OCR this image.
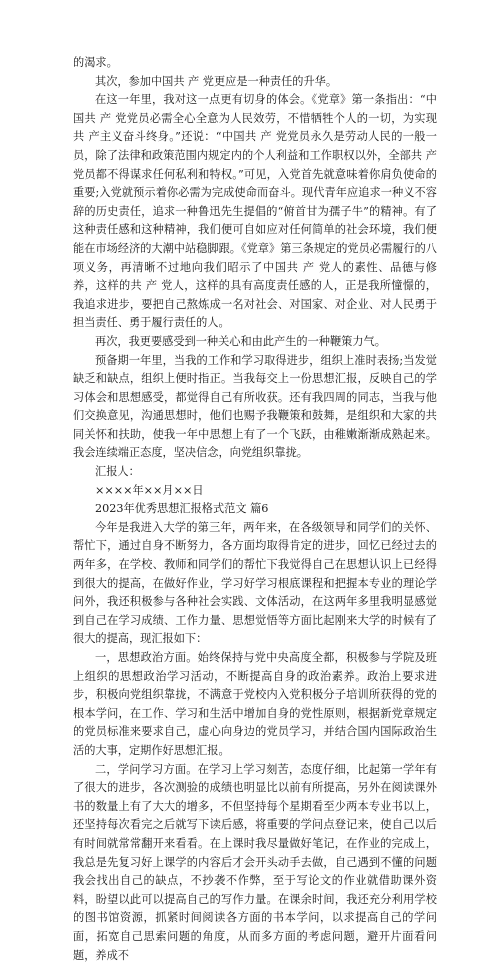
的渴求。

其次，参加中国共 产 党更应是一种责任的升华。

在这一年里，我对这一点更有切身的体会。《党章》第一条指出：“中国共 产 党党员必需全心全意为人民效劳，不惜牺牲个人的一切，为实现共 产主义奋斗终身。”还说：“中国共 产 党党员永久是劳动人民的一般一员，除了法律和政策范围内规定内的个人利益和工作职权以外，全部共 产 党员都不得谋求任何私利和特权。”可见，入党首先就意味着你肩负使命的重要;入党就预示着你必需为完成使命而奋斗。现代青年应追求一种义不容辞的历史责任，追求一种鲁迅先生提倡的“俯首甘为孺子牛”的精神。有了这种责任感和这种精神，我们便可自如应对任何简单的社会环境，我们便能在市场经济的大潮中站稳脚跟。《党章》第三条规定的党员必需履行的八项义务，再清晰不过地向我们昭示了中国共 产 党人的素性、品德与修养，这样的共 产 党人，这样的具有高度责任感的人，正是我所憧憬的，我追求进步，要把自己熬炼成一名对社会、对国家、对企业、对人民勇于担当责任、勇于履行责任的人。

再次，我更要感受到一种关心和由此产生的一种鞭策力气。

预备期一年里，当我的工作和学习取得进步，组织上准时表扬;当发觉缺乏和缺点，组织上便时指正。当我每交上一份思想汇报，反映自己的学习体会和思想感受，都觉得自己有所收获。还有我四周的同志，当我与他们交换意见，沟通思想时，他们也赐予我鞭策和鼓舞，是组织和大家的共同关怀和扶助，使我一年中思想上有了一个飞跃，由稚嫩渐渐成熟起来。我会连续端正态度，坚决信念，向党组织靠拢。

汇报人：

××××年××月××日

2023年优秀思想汇报格式范文 篇6

今年是我进入大学的第三年，两年来，在各级领导和同学们的关怀、帮忙下，通过自身不断努力，各方面均取得肯定的进步，回忆已经过去的两年多，在学校、教师和同学们的帮忙下我觉得自己在思想认识上已经得到很大的提高，在做好作业，学习好学习根底课程和把握本专业的理论学问外，我还积极参与各种社会实践、文体活动，在这两年多里我明显感觉到自己在学习成绩、工作力量、思想觉悟等方面比起刚来大学的时候有了很大的提高，现汇报如下：

一，思想政治方面。始终保持与党中央高度全都，积极参与学院及班上组织的思想政治学习活动，不断提高自身的政治素养。政治上要求进步，积极向党组织靠拢，不满意于党校内入党积极分子培训所获得的党的根本学问，在工作、学习和生活中增加自身的党性原则，根据新党章规定的党员标准来要求自己，虚心向身边的党员学习，并结合国内国际政治生活的大事，定期作好思想汇报。

二，学问学习方面。在学习上学习刻苦，态度仔细，比起第一学年有了很大的进步，各次测验的成绩也明显比以前有所提高，另外在阅读课外书的数量上有了大大的增多，不但坚持每个星期看至少两本专业书以上，还坚持每次看完之后就写下读后感，将重要的学问点登记来，使自己以后有时间就常常翻开来看看。在上课时我尽量做好笔记，在作业的完成上，我总是先复习好上课学的内容后才会开头动手去做，自己遇到不懂的问题我会找出自己的缺点，不抄袭不作弊，至于写论文的作业就借助课外资料，盼望以此可以提高自己的写作力量。在课余时间，我还充分利用学校的图书馆资源，抓紧时间阅读各方面的书本学问，以求提高自己的学问面，拓宽自己思索问题的角度，从而多方面的考虑问题，避开片面看问题，养成不
